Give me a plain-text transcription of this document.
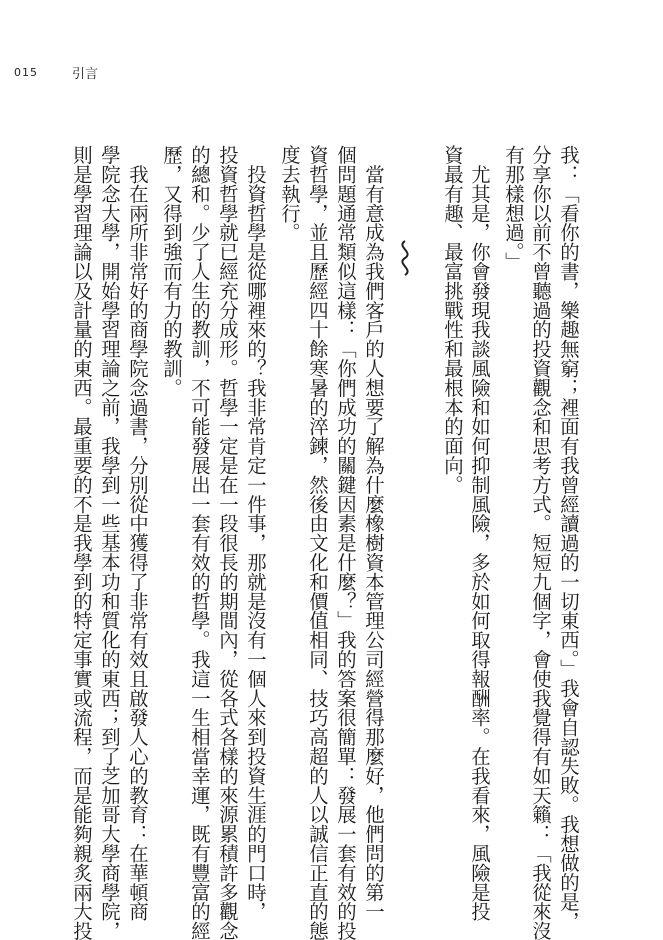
015	引言
我：「看你的書，樂趣無窮；裡面有我曾經讀過的一切東西。」我會自認失敗。我想做的是，
分享你以前不曾聽過的投資觀念和思考方式。短短九個字，會使我覺得有如天籟：「我從來沒
有那樣想過。」
　尤其是，你會發現我談風險和如何抑制風險，多於如何取得報酬率。在我看來，風險是投
資最有趣、最富挑戰性和最根本的面向。
　當有意成為我們客戶的人想要了解為什麼橡樹資本管理公司經營得那麼好，他們問的第一
個問題通常類似這樣：「你們成功的關鍵因素是什麼？」我的答案很簡單：發展一套有效的投
資哲學，並且歷經四十餘寒暑的淬鍊，然後由文化和價值相同、技巧高超的人以誠信正直的態
度去執行。
　投資哲學是從哪裡來的？我非常肯定一件事，那就是沒有一個人來到投資生涯的門口時，
投資哲學就已經充分成形。哲學一定是在一段很長的期間內，從各式各樣的來源累積許多觀念
的總和。少了人生的教訓，不可能發展出一套有效的哲學。我這一生相當幸運，既有豐富的經
歷，又得到強而有力的教訓。
　我在兩所非常好的商學院念過書，分別從中獲得了非常有效且啟發人心的教育：在華頓商
學院念大學，開始學習理論之前，我學到一些基本功和質化的東西；到了芝加哥大學商學院，
則是學習理論以及計量的東西。最重要的不是我學到的特定事實或流程，而是能夠親炙兩大投
